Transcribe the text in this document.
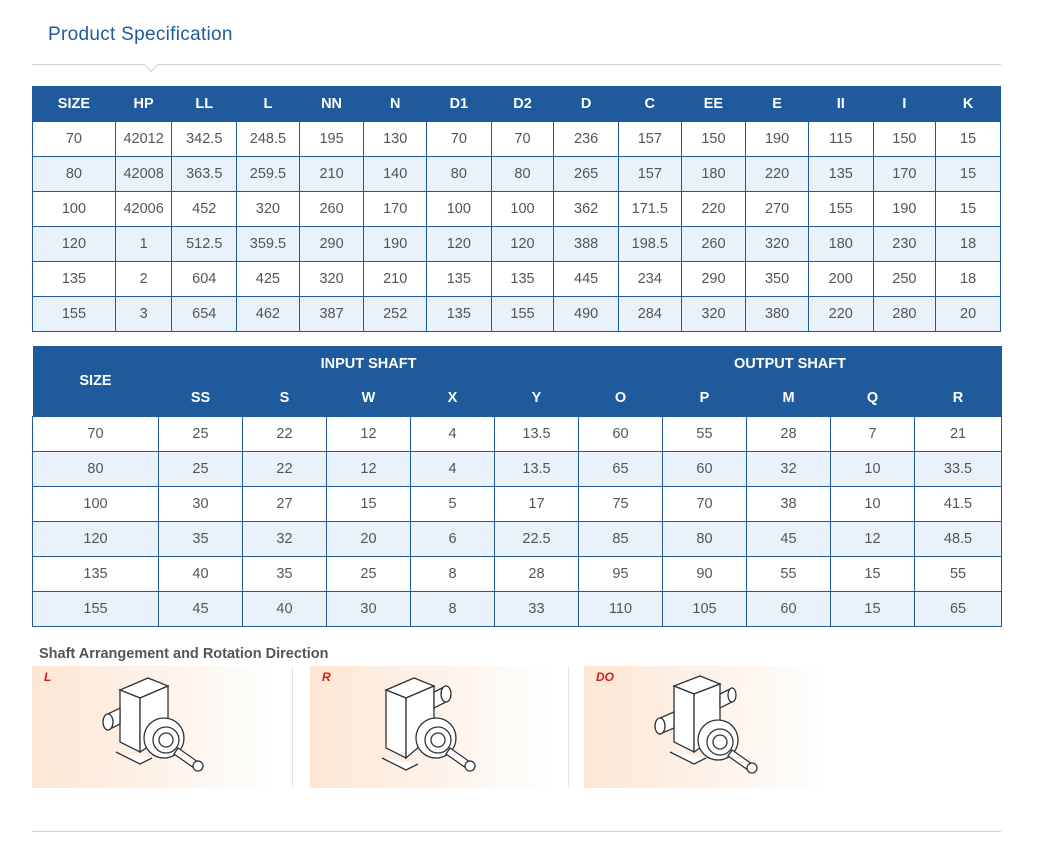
Product Specification
SIZE	HP	LL	L	NN	N	D1	D2	D	C	EE	E	II	I	K
70	42012	342.5	248.5	195	130	70	70	236	157	150	190	115	150	15
80	42008	363.5	259.5	210	140	80	80	265	157	180	220	135	170	15
100	42006	452	320	260	170	100	100	362	171.5	220	270	155	190	15
120	1	512.5	359.5	290	190	120	120	388	198.5	260	320	180	230	18
135	2	604	425	320	210	135	135	445	234	290	350	200	250	18
155	3	654	462	387	252	135	155	490	284	320	380	220	280	20
SIZE	INPUT SHAFT					OUTPUT SHAFT				
	SS	S	W	X	Y	O	P	M	Q	R
70	25	22	12	4	13.5	60	55	28	7	21
80	25	22	12	4	13.5	65	60	32	10	33.5
100	30	27	15	5	17	75	70	38	10	41.5
120	35	32	20	6	22.5	85	80	45	12	48.5
135	40	35	25	8	28	95	90	55	15	55
155	45	40	30	8	33	110	105	60	15	65
Shaft Arrangement and Rotation Direction
L	R	DO
